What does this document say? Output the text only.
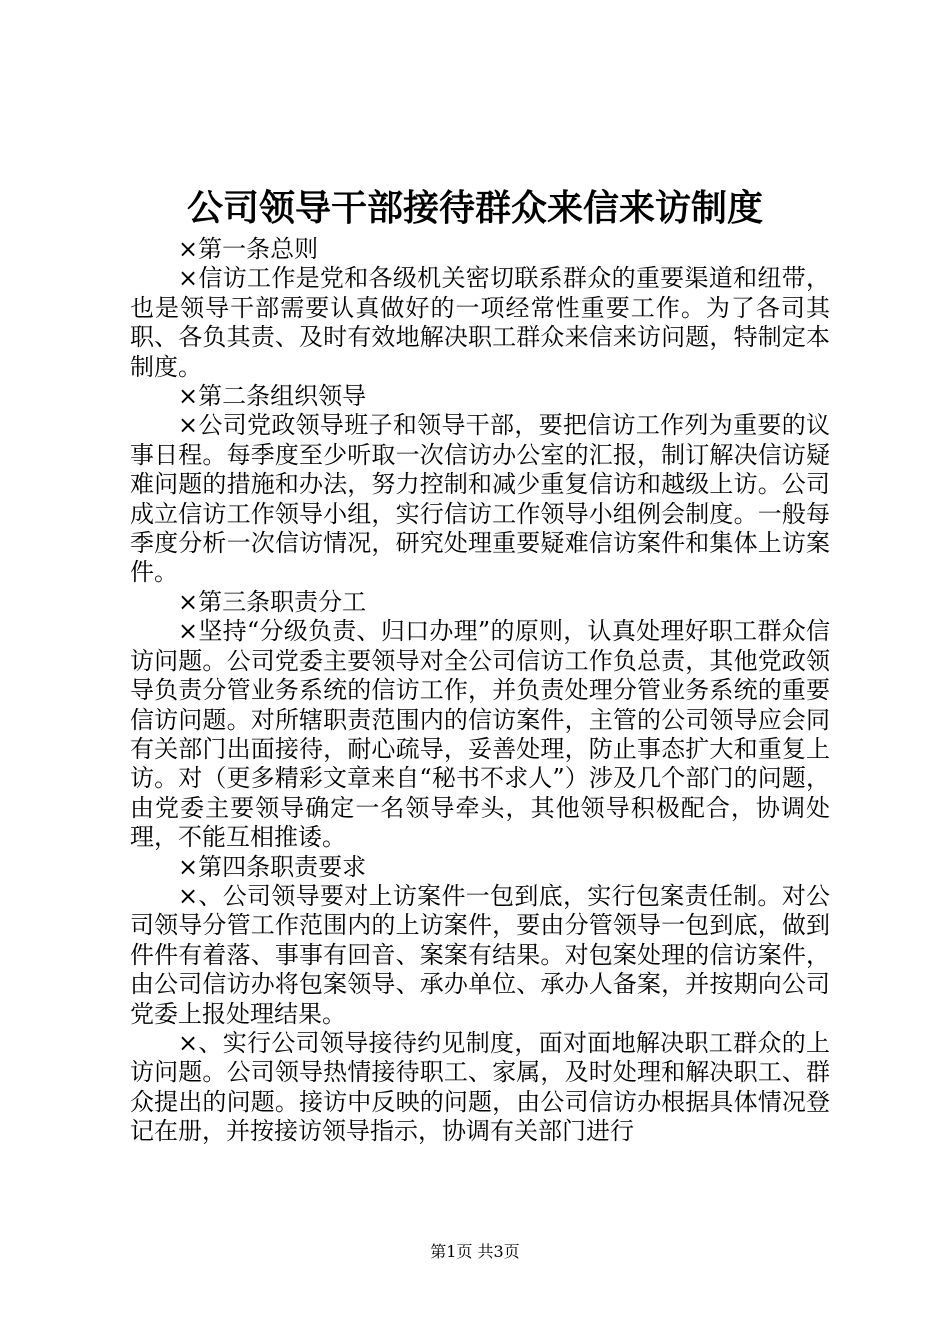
公司领导干部接待群众来信来访制度

×第一条总则

×信访工作是党和各级机关密切联系群众的重要渠道和纽带，也是领导干部需要认真做好的一项经常性重要工作。为了各司其职、各负其责、及时有效地解决职工群众来信来访问题，特制定本制度。

×第二条组织领导

×公司党政领导班子和领导干部，要把信访工作列为重要的议事日程。每季度至少听取一次信访办公室的汇报，制订解决信访疑难问题的措施和办法，努力控制和减少重复信访和越级上访。公司成立信访工作领导小组，实行信访工作领导小组例会制度。一般每季度分析一次信访情况，研究处理重要疑难信访案件和集体上访案件。

×第三条职责分工

×坚持“分级负责、归口办理”的原则，认真处理好职工群众信访问题。公司党委主要领导对全公司信访工作负总责，其他党政领导负责分管业务系统的信访工作，并负责处理分管业务系统的重要信访问题。对所辖职责范围内的信访案件，主管的公司领导应会同有关部门出面接待，耐心疏导，妥善处理，防止事态扩大和重复上访。对（更多精彩文章来自“秘书不求人”）涉及几个部门的问题，由党委主要领导确定一名领导牵头，其他领导积极配合，协调处理，不能互相推诿。

×第四条职责要求

×、公司领导要对上访案件一包到底，实行包案责任制。对公司领导分管工作范围内的上访案件，要由分管领导一包到底，做到件件有着落、事事有回音、案案有结果。对包案处理的信访案件，由公司信访办将包案领导、承办单位、承办人备案，并按期向公司党委上报处理结果。

×、实行公司领导接待约见制度，面对面地解决职工群众的上访问题。公司领导热情接待职工、家属，及时处理和解决职工、群众提出的问题。接访中反映的问题，由公司信访办根据具体情况登记在册，并按接访领导指示，协调有关部门进行

第1页 共3页
